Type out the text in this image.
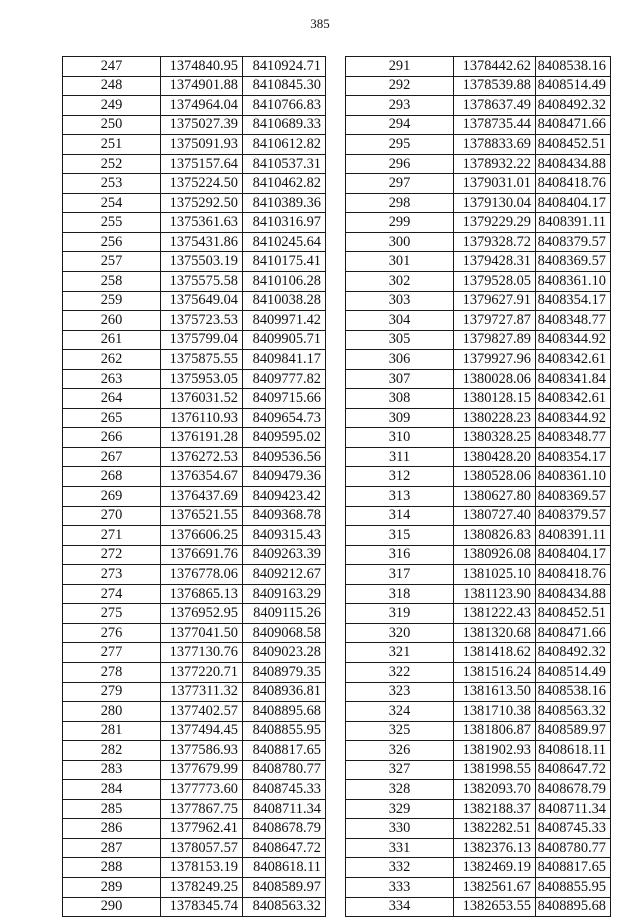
385
247	1374840.95	8410924.71
248	1374901.88	8410845.30
249	1374964.04	8410766.83
250	1375027.39	8410689.33
251	1375091.93	8410612.82
252	1375157.64	8410537.31
253	1375224.50	8410462.82
254	1375292.50	8410389.36
255	1375361.63	8410316.97
256	1375431.86	8410245.64
257	1375503.19	8410175.41
258	1375575.58	8410106.28
259	1375649.04	8410038.28
260	1375723.53	8409971.42
261	1375799.04	8409905.71
262	1375875.55	8409841.17
263	1375953.05	8409777.82
264	1376031.52	8409715.66
265	1376110.93	8409654.73
266	1376191.28	8409595.02
267	1376272.53	8409536.56
268	1376354.67	8409479.36
269	1376437.69	8409423.42
270	1376521.55	8409368.78
271	1376606.25	8409315.43
272	1376691.76	8409263.39
273	1376778.06	8409212.67
274	1376865.13	8409163.29
275	1376952.95	8409115.26
276	1377041.50	8409068.58
277	1377130.76	8409023.28
278	1377220.71	8408979.35
279	1377311.32	8408936.81
280	1377402.57	8408895.68
281	1377494.45	8408855.95
282	1377586.93	8408817.65
283	1377679.99	8408780.77
284	1377773.60	8408745.33
285	1377867.75	8408711.34
286	1377962.41	8408678.79
287	1378057.57	8408647.72
288	1378153.19	8408618.11
289	1378249.25	8408589.97
290	1378345.74	8408563.32
291	1378442.62	8408538.16
292	1378539.88	8408514.49
293	1378637.49	8408492.32
294	1378735.44	8408471.66
295	1378833.69	8408452.51
296	1378932.22	8408434.88
297	1379031.01	8408418.76
298	1379130.04	8408404.17
299	1379229.29	8408391.11
300	1379328.72	8408379.57
301	1379428.31	8408369.57
302	1379528.05	8408361.10
303	1379627.91	8408354.17
304	1379727.87	8408348.77
305	1379827.89	8408344.92
306	1379927.96	8408342.61
307	1380028.06	8408341.84
308	1380128.15	8408342.61
309	1380228.23	8408344.92
310	1380328.25	8408348.77
311	1380428.20	8408354.17
312	1380528.06	8408361.10
313	1380627.80	8408369.57
314	1380727.40	8408379.57
315	1380826.83	8408391.11
316	1380926.08	8408404.17
317	1381025.10	8408418.76
318	1381123.90	8408434.88
319	1381222.43	8408452.51
320	1381320.68	8408471.66
321	1381418.62	8408492.32
322	1381516.24	8408514.49
323	1381613.50	8408538.16
324	1381710.38	8408563.32
325	1381806.87	8408589.97
326	1381902.93	8408618.11
327	1381998.55	8408647.72
328	1382093.70	8408678.79
329	1382188.37	8408711.34
330	1382282.51	8408745.33
331	1382376.13	8408780.77
332	1382469.19	8408817.65
333	1382561.67	8408855.95
334	1382653.55	8408895.68
